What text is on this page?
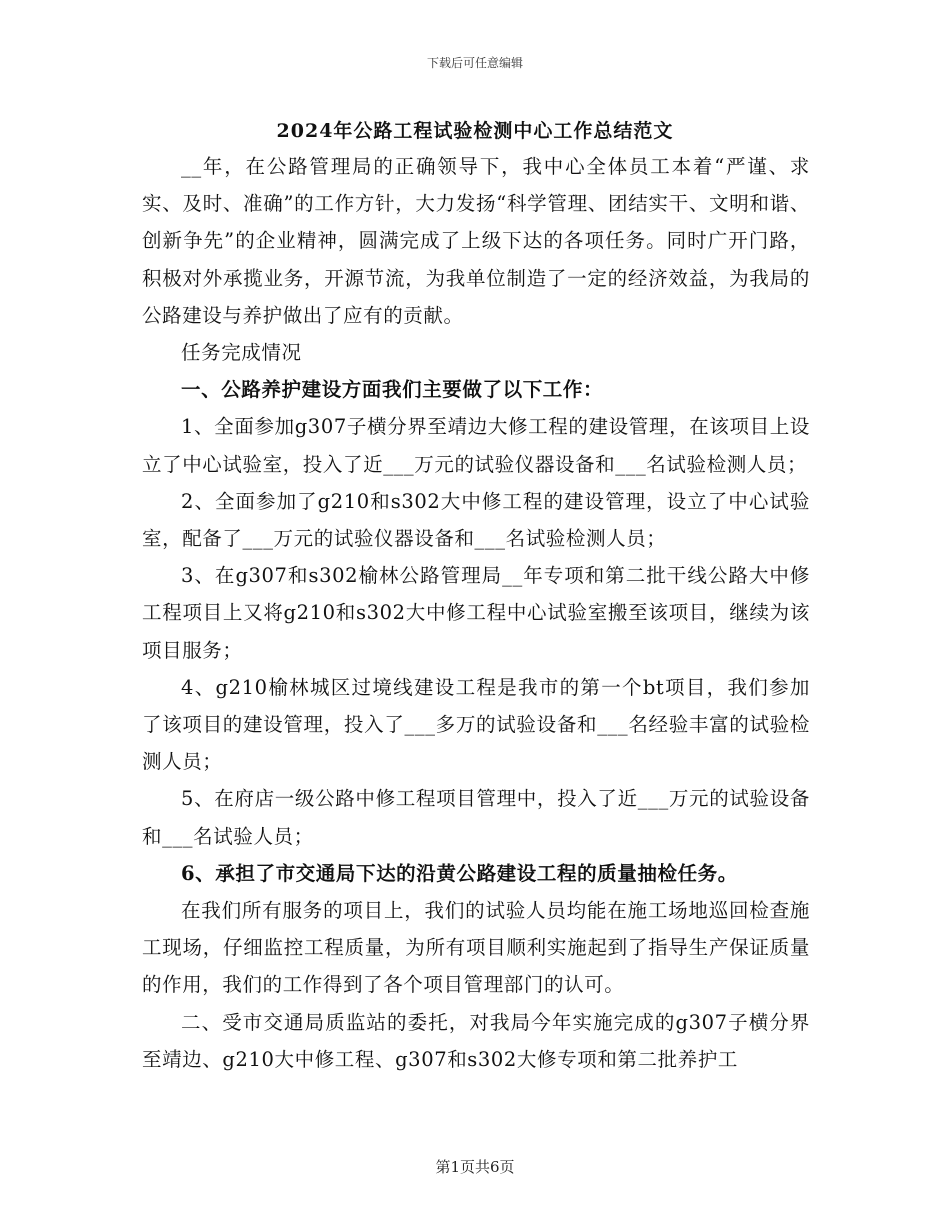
下载后可任意编辑
2024年公路工程试验检测中心工作总结范文

__年，在公路管理局的正确领导下，我中心全体员工本着“严谨、求实、及时、准确”的工作方针，大力发扬“科学管理、团结实干、文明和谐、创新争先”的企业精神，圆满完成了上级下达的各项任务。同时广开门路，积极对外承揽业务，开源节流，为我单位制造了一定的经济效益，为我局的公路建设与养护做出了应有的贡献。

任务完成情况

一、公路养护建设方面我们主要做了以下工作：

1、全面参加g307子横分界至靖边大修工程的建设管理，在该项目上设立了中心试验室，投入了近___万元的试验仪器设备和___名试验检测人员；

2、全面参加了g210和s302大中修工程的建设管理，设立了中心试验室，配备了___万元的试验仪器设备和___名试验检测人员；

3、在g307和s302榆林公路管理局__年专项和第二批干线公路大中修工程项目上又将g210和s302大中修工程中心试验室搬至该项目，继续为该项目服务；

4、g210榆林城区过境线建设工程是我市的第一个bt项目，我们参加了该项目的建设管理，投入了___多万的试验设备和___名经验丰富的试验检测人员；

5、在府店一级公路中修工程项目管理中，投入了近___万元的试验设备和___名试验人员；

6、承担了市交通局下达的沿黄公路建设工程的质量抽检任务。

在我们所有服务的项目上，我们的试验人员均能在施工场地巡回检查施工现场，仔细监控工程质量，为所有项目顺利实施起到了指导生产保证质量的作用，我们的工作得到了各个项目管理部门的认可。

二、受市交通局质监站的委托，对我局今年实施完成的g307子横分界至靖边、g210大中修工程、g307和s302大修专项和第二批养护工

第1页共6页
